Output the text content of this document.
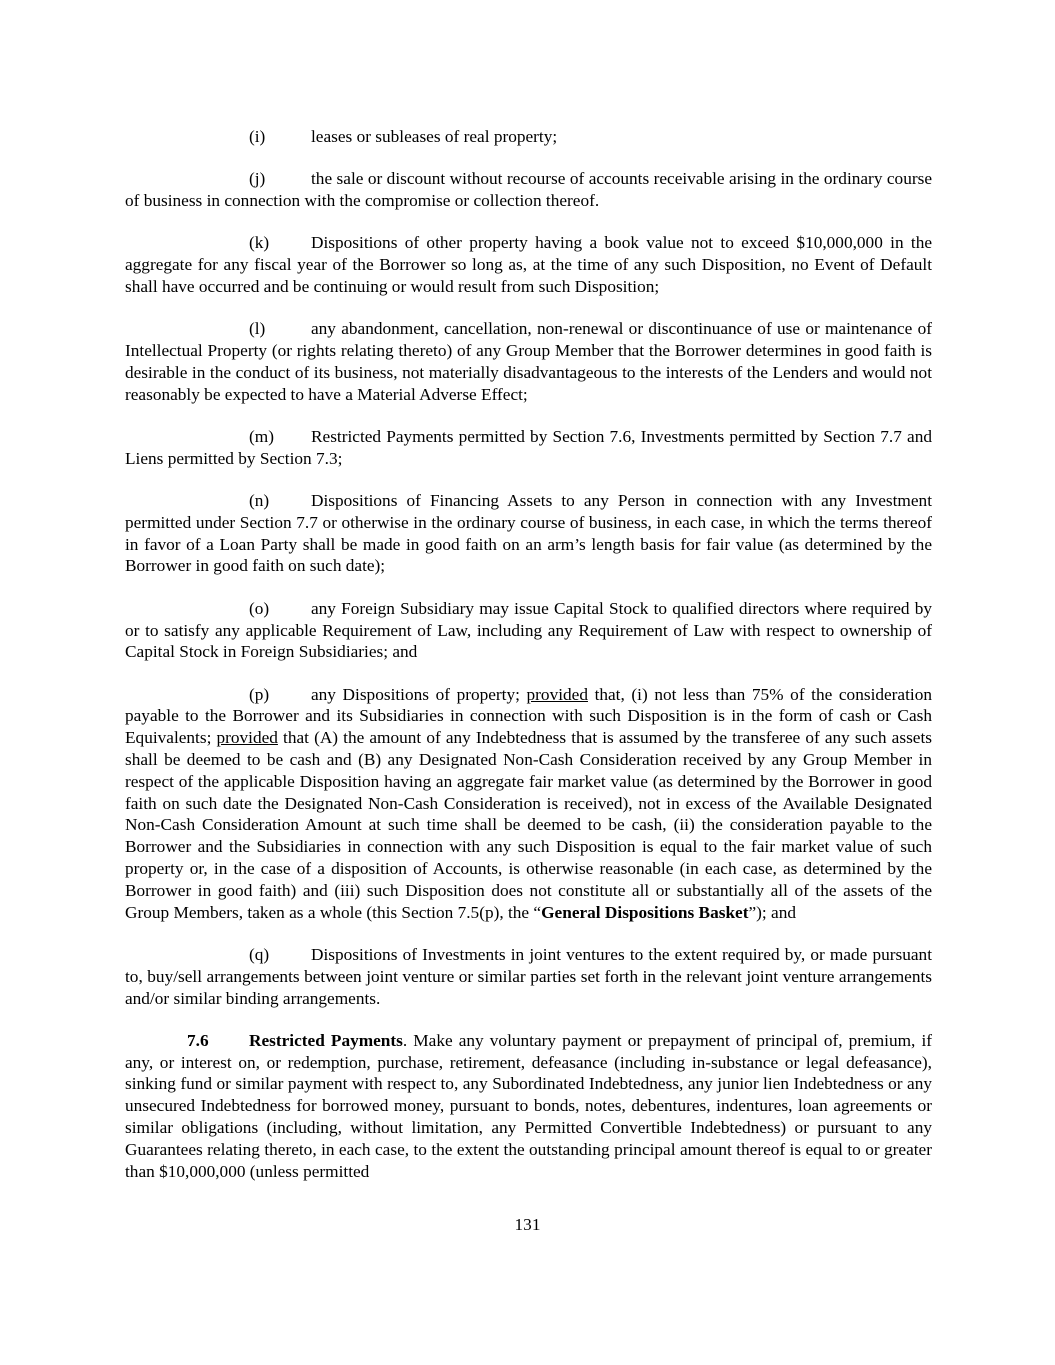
(i)	leases or subleases of real property;

(j)	the sale or discount without recourse of accounts receivable arising in the ordinary course of business in connection with the compromise or collection thereof.

(k) Dispositions of other property having a book value not to exceed $10,000,000 in the aggregate for any fiscal year of the Borrower so long as, at the time of any such Disposition, no Event of Default shall have occurred and be continuing or would result from such Disposition;

(l)	any abandonment, cancellation, non-renewal or discontinuance of use or maintenance of Intellectual Property (or rights relating thereto) of any Group Member that the Borrower determines in good faith is desirable in the conduct of its business, not materially disadvantageous to the interests of the Lenders and would not reasonably be expected to have a Material Adverse Effect;

(m) Restricted Payments permitted by Section 7.6, Investments permitted by Section 7.7 and Liens permitted by Section 7.3;

(n) Dispositions of Financing Assets to any Person in connection with any Investment permitted under Section 7.7 or otherwise in the ordinary course of business, in each case, in which the terms thereof in favor of a Loan Party shall be made in good faith on an arm’s length basis for fair value (as determined by the Borrower in good faith on such date);

(o) any Foreign Subsidiary may issue Capital Stock to qualified directors where required by or to satisfy any applicable Requirement of Law, including any Requirement of Law with respect to ownership of Capital Stock in Foreign Subsidiaries; and

(p) any Dispositions of property; provided that, (i) not less than 75% of the consideration payable to the Borrower and its Subsidiaries in connection with such Disposition is in the form of cash or Cash Equivalents; provided that (A) the amount of any Indebtedness that is assumed by the transferee of any such assets shall be deemed to be cash and (B) any Designated Non-Cash Consideration received by any Group Member in respect of the applicable Disposition having an aggregate fair market value (as determined by the Borrower in good faith on such date the Designated Non-Cash Consideration is received), not in excess of the Available Designated Non-Cash Consideration Amount at such time shall be deemed to be cash, (ii) the consideration payable to the Borrower and the Subsidiaries in connection with any such Disposition is equal to the fair market value of such property or, in the case of a disposition of Accounts, is otherwise reasonable (in each case, as determined by the Borrower in good faith) and (iii) such Disposition does not constitute all or substantially all of the assets of the Group Members, taken as a whole (this Section 7.5(p), the “General Dispositions Basket”); and

(q) Dispositions of Investments in joint ventures to the extent required by, or made pursuant to, buy/sell arrangements between joint venture or similar parties set forth in the relevant joint venture arrangements and/or similar binding arrangements.

7.6 Restricted Payments. Make any voluntary payment or prepayment of principal of, premium, if any, or interest on, or redemption, purchase, retirement, defeasance (including in-substance or legal defeasance), sinking fund or similar payment with respect to, any Subordinated Indebtedness, any junior lien Indebtedness or any unsecured Indebtedness for borrowed money, pursuant to bonds, notes, debentures, indentures, loan agreements or similar obligations (including, without limitation, any Permitted Convertible Indebtedness) or pursuant to any Guarantees relating thereto, in each case, to the extent the outstanding principal amount thereof is equal to or greater than $10,000,000 (unless permitted

131
